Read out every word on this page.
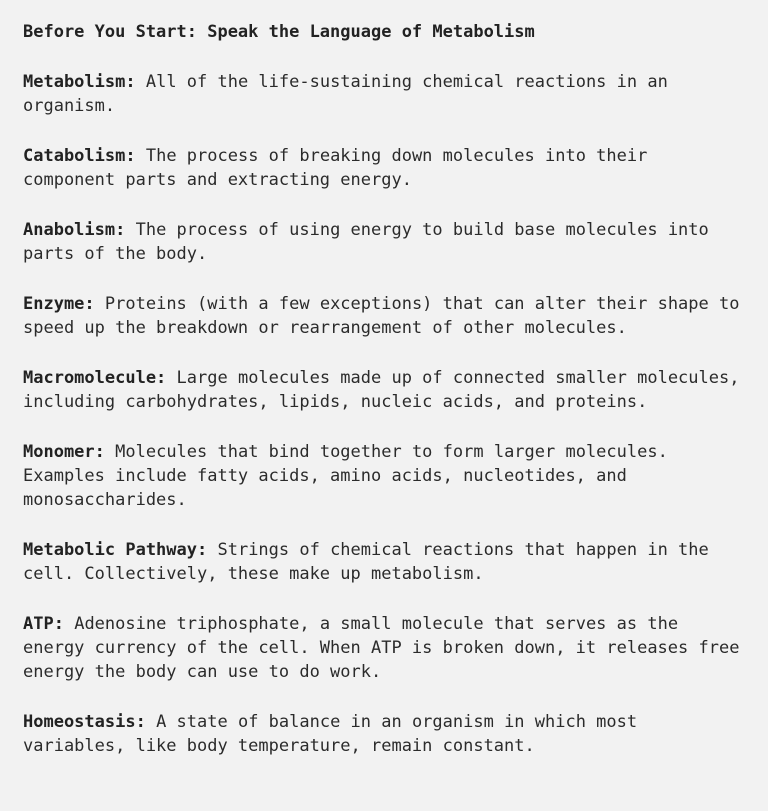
Before You Start: Speak the Language of Metabolism
Metabolism: All of the life-sustaining chemical reactions in an organism.
Catabolism: The process of breaking down molecules into their component parts and extracting energy.
Anabolism: The process of using energy to build base molecules into parts of the body.
Enzyme: Proteins (with a few exceptions) that can alter their shape to speed up the breakdown or rearrangement of other molecules.
Macromolecule: Large molecules made up of connected smaller molecules, including carbohydrates, lipids, nucleic acids, and proteins.
Monomer: Molecules that bind together to form larger molecules. Examples include fatty acids, amino acids, nucleotides, and monosaccharides.
Metabolic Pathway: Strings of chemical reactions that happen in the cell. Collectively, these make up metabolism.
ATP: Adenosine triphosphate, a small molecule that serves as the energy currency of the cell. When ATP is broken down, it releases free energy the body can use to do work.
Homeostasis: A state of balance in an organism in which most variables, like body temperature, remain constant.
